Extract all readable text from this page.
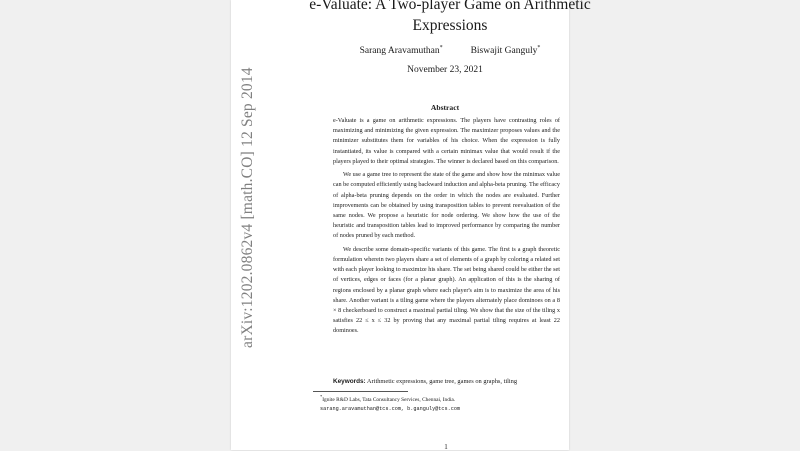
arXiv:1202.0862v4 [math.CO] 12 Sep 2014
e-Valuate: A Two-player Game on Arithmetic
Expressions
Sarang Aravamuthan*	Biswajit Ganguly*
November 23, 2021
Abstract

e-Valuate is a game on arithmetic expressions. The players have contrasting roles of maximizing and minimizing the given expression. The maximizer proposes values and the minimizer substitutes them for variables of his choice. When the expression is fully instantiated, its value is compared with a certain minimax value that would result if the players played to their optimal strategies. The winner is declared based on this comparison.

We use a game tree to represent the state of the game and show how the minimax value can be computed efficiently using backward induction and alpha-beta pruning. The efficacy of alpha-beta pruning depends on the order in which the nodes are evaluated. Further improvements can be obtained by using transposition tables to prevent reevaluation of the same nodes. We propose a heuristic for node ordering. We show how the use of the heuristic and transposition tables lead to improved performance by comparing the number of nodes pruned by each method.

We describe some domain-specific variants of this game. The first is a graph theoretic formulation wherein two players share a set of elements of a graph by coloring a related set with each player looking to maximize his share. The set being shared could be either the set of vertices, edges or faces (for a planar graph). An application of this is the sharing of regions enclosed by a planar graph where each player's aim is to maximize the area of his share. Another variant is a tiling game where the players alternately place dominoes on a 8 × 8 checkerboard to construct a maximal partial tiling. We show that the size of the tiling x satisfies 22 ≤ x ≤ 32 by proving that any maximal partial tiling requires at least 22 dominoes.

Keywords: Arithmetic expressions, game tree, games on graphs, tiling
*Ignite R&D Labs, Tata Consultancy Services, Chennai, India.
sarang.aravamuthan@tcs.com, b.ganguly@tcs.com
1
